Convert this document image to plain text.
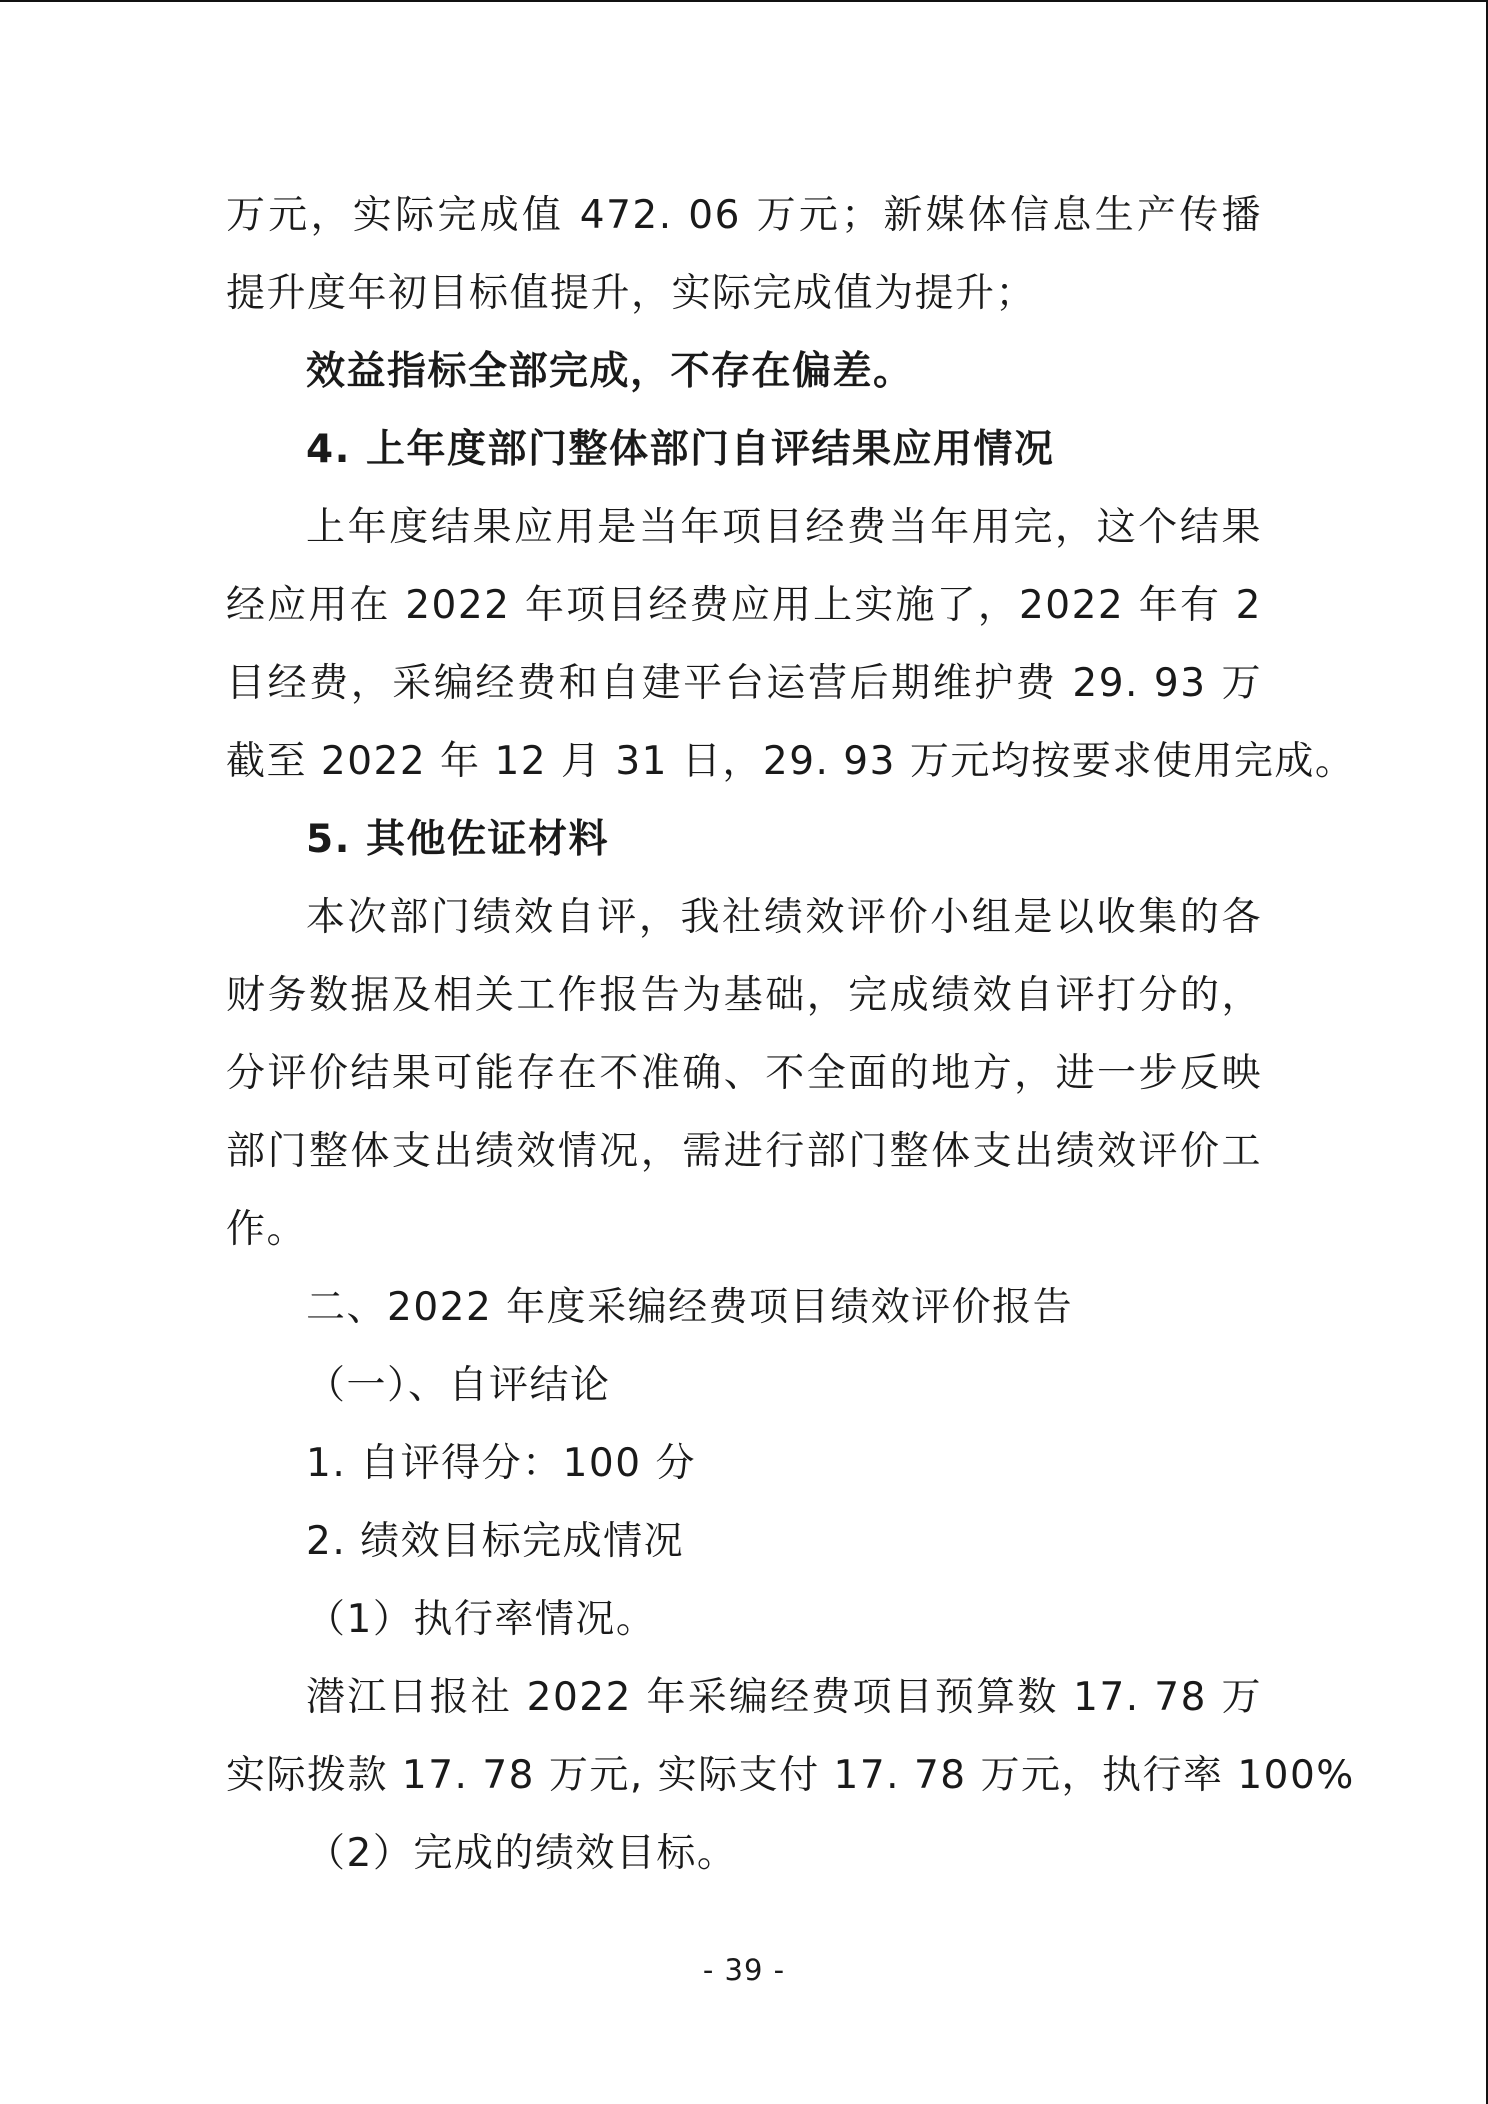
万元，实际完成值 472. 06 万元；新媒体信息生产传播
提升度年初目标值提升，实际完成值为提升；
效益指标全部完成，不存在偏差。
4. 上年度部门整体部门自评结果应用情况
上年度结果应用是当年项目经费当年用完，这个结果
经应用在 2022 年项目经费应用上实施了，2022 年有 2
目经费，采编经费和自建平台运营后期维护费 29. 93 万
截至 2022 年 12 月 31 日，29. 93 万元均按要求使用完成。
5. 其他佐证材料
本次部门绩效自评，我社绩效评价小组是以收集的各
财务数据及相关工作报告为基础，完成绩效自评打分的，
分评价结果可能存在不准确、不全面的地方，进一步反映
部门整体支出绩效情况，需进行部门整体支出绩效评价工
作。
二、2022 年度采编经费项目绩效评价报告
（一）、自评结论
1. 自评得分：100 分
2. 绩效目标完成情况
（1）执行率情况。
潜江日报社 2022 年采编经费项目预算数 17. 78 万
实际拨款 17. 78 万元, 实际支付 17. 78 万元，执行率 100%
（2）完成的绩效目标。
- 39 -
